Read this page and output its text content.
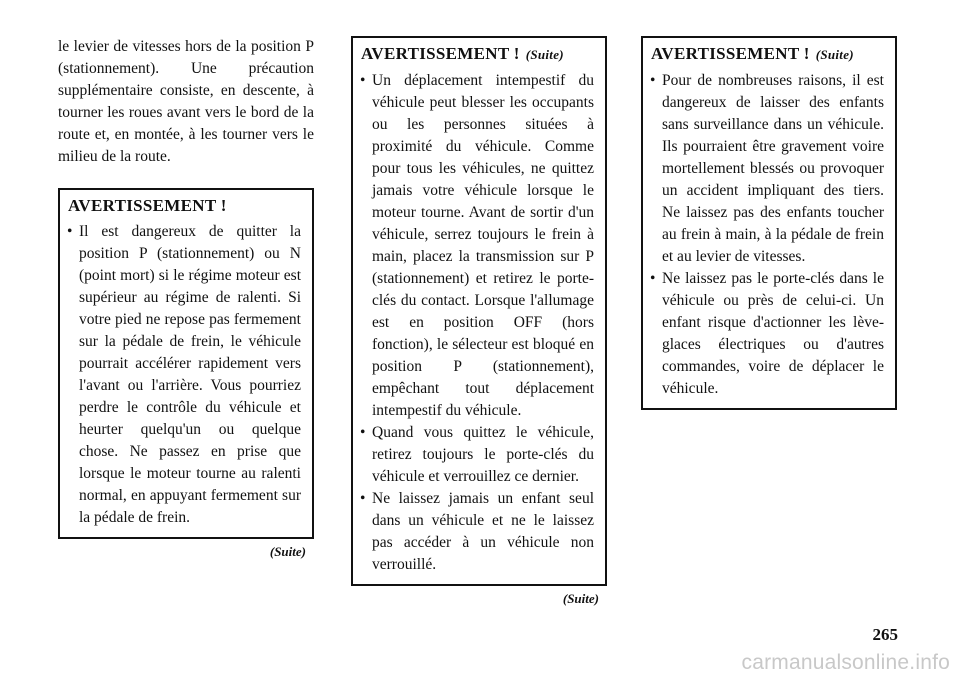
le levier de vitesses hors de la position P (stationnement). Une précaution supplémentaire consiste, en descente, à tourner les roues avant vers le bord de la route et, en montée, à les tourner vers le milieu de la route.

AVERTISSEMENT !
• Il est dangereux de quitter la position P (stationnement) ou N (point mort) si le régime moteur est supérieur au régime de ralenti. Si votre pied ne repose pas fermement sur la pédale de frein, le véhicule pourrait accélérer rapidement vers l'avant ou l'arrière. Vous pourriez perdre le contrôle du véhicule et heurter quelqu'un ou quelque chose. Ne passez en prise que lorsque le moteur tourne au ralenti normal, en appuyant fermement sur la pédale de frein.
(Suite)
AVERTISSEMENT ! (Suite)
• Un déplacement intempestif du véhicule peut blesser les occupants ou les personnes situées à proximité du véhicule. Comme pour tous les véhicules, ne quittez jamais votre véhicule lorsque le moteur tourne. Avant de sortir d'un véhicule, serrez toujours le frein à main, placez la transmission sur P (stationnement) et retirez le porte-clés du contact. Lorsque l'allumage est en position OFF (hors fonction), le sélecteur est bloqué en position P (stationnement), empêchant tout déplacement intempestif du véhicule.
• Quand vous quittez le véhicule, retirez toujours le porte-clés du véhicule et verrouillez ce dernier.
• Ne laissez jamais un enfant seul dans un véhicule et ne le laissez pas accéder à un véhicule non verrouillé.
(Suite)
AVERTISSEMENT ! (Suite)
• Pour de nombreuses raisons, il est dangereux de laisser des enfants sans surveillance dans un véhicule. Ils pourraient être gravement voire mortellement blessés ou provoquer un accident impliquant des tiers. Ne laissez pas des enfants toucher au frein à main, à la pédale de frein et au levier de vitesses.
• Ne laissez pas le porte-clés dans le véhicule ou près de celui-ci. Un enfant risque d'actionner les lève-glaces électriques ou d'autres commandes, voire de déplacer le véhicule.
265
carmanualsonline.info
